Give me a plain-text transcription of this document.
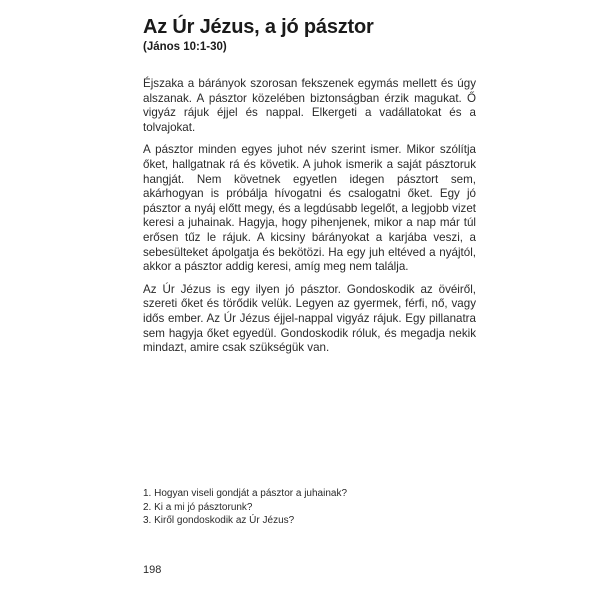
Az Úr Jézus, a jó pásztor
(János 10:1-30)

Éjszaka a bárányok szorosan fekszenek egymás mellett és úgy alszanak. A pásztor közelében biztonságban érzik magukat. Ő vigyáz rájuk éjjel és nappal. Elkergeti a vadállatokat és a tolvajokat.

A pásztor minden egyes juhot név szerint ismer. Mikor szólítja őket, hallgatnak rá és követik. A juhok ismerik a saját pásztoruk hangját. Nem követnek egyetlen idegen pásztort sem, akárhogyan is próbálja hívogatni és csalogatni őket. Egy jó pásztor a nyáj előtt megy, és a legdúsabb legelőt, a legjobb vizet keresi a juhainak. Hagyja, hogy pihenjenek, mikor a nap már túl erősen tűz le rájuk. A kicsiny bárányokat a karjába veszi, a sebesülteket ápolgatja és bekötözi. Ha egy juh eltéved a nyájtól, akkor a pásztor addig keresi, amíg meg nem találja.

Az Úr Jézus is egy ilyen jó pásztor. Gondoskodik az övéiről, szereti őket és törődik velük. Legyen az gyermek, férfi, nő, vagy idős ember. Az Úr Jézus éjjel-nappal vigyáz rájuk. Egy pillanatra sem hagyja őket egyedül. Gondoskodik róluk, és megadja nekik mindazt, amire csak szükségük van.

1. Hogyan viseli gondját a pásztor a juhainak?
2. Ki a mi jó pásztorunk?
3. Kiről gondoskodik az Úr Jézus?
198
